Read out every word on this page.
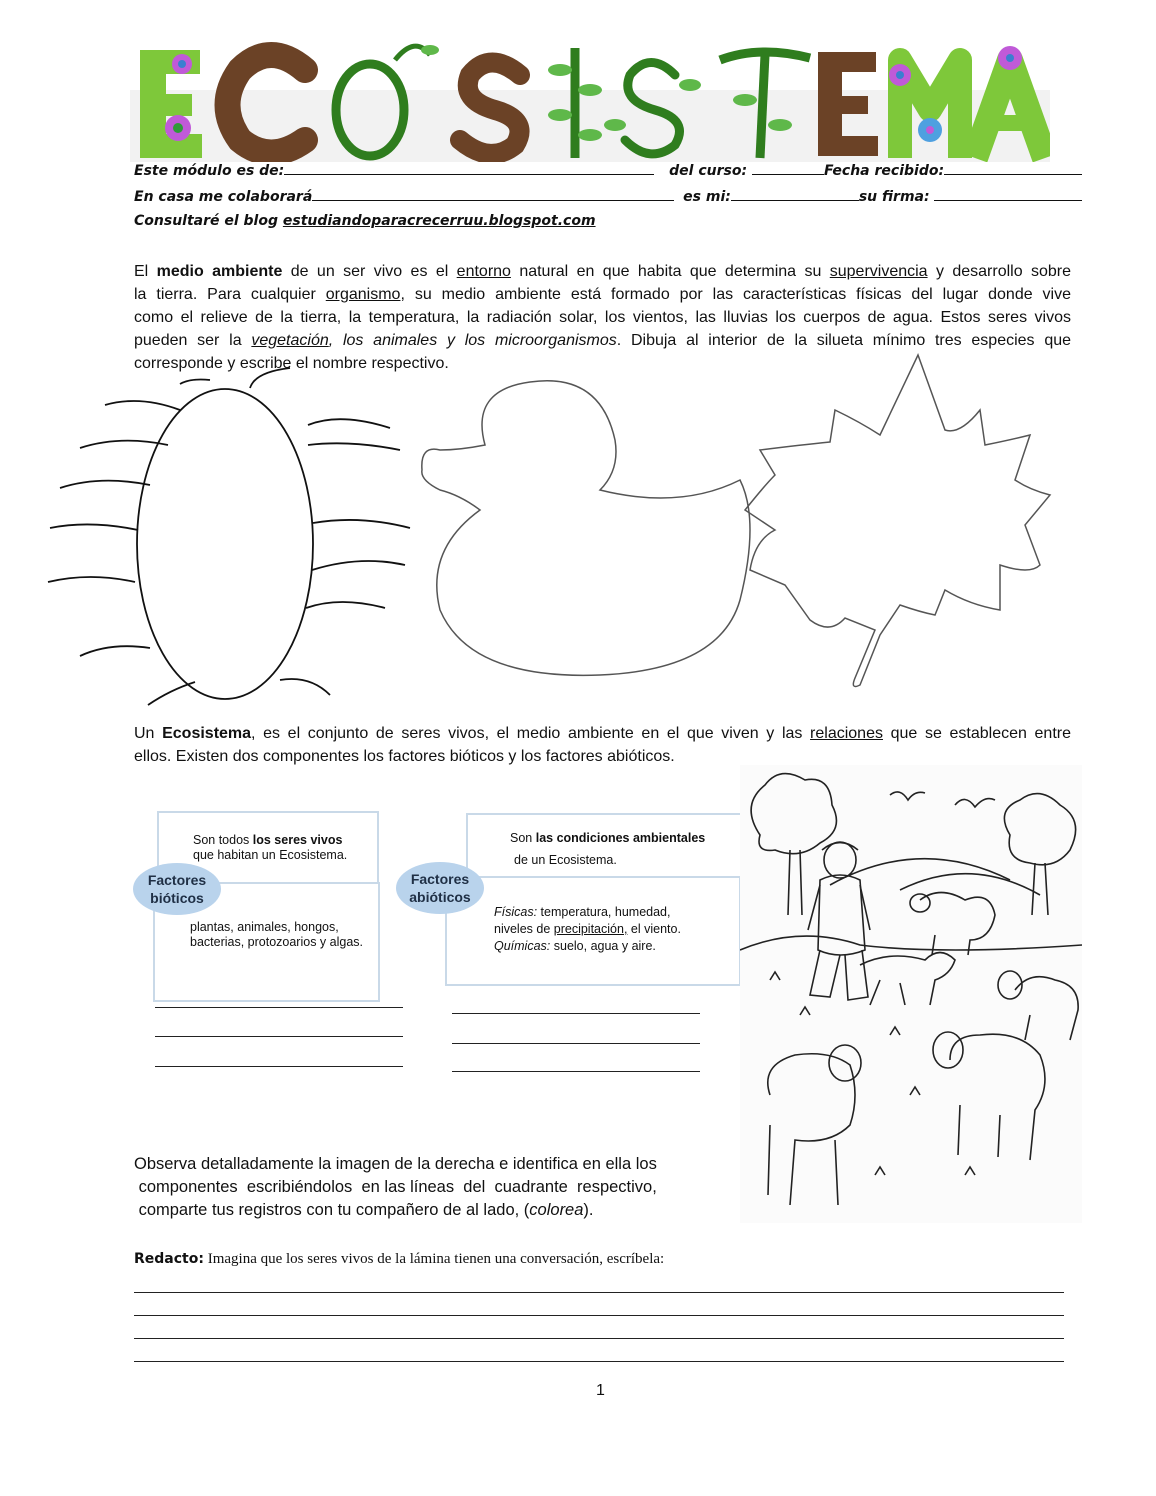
Este módulo es de:	del curso:	Fecha recibido:
En casa me colaborará	es mi:	su firma:
Consultaré el blog estudiandoparacrecerruu.blogspot.com
El medio ambiente de un ser vivo es el entorno natural en que habita que determina su supervivencia y desarrollo sobre
la tierra. Para cualquier organismo, su medio ambiente está formado por las características físicas del lugar donde vive
como el relieve de la tierra, la temperatura, la radiación solar, los vientos, las lluvias los cuerpos de agua. Estos seres vivos
pueden ser la vegetación, los animales y los microorganismos. Dibuja al interior de la silueta mínimo tres especies que
corresponde y escribe el nombre respectivo.
Un Ecosistema, es el conjunto de seres vivos, el medio ambiente en el que viven y las relaciones que se establecen entre
ellos. Existen dos componentes los factores bióticos y los factores abióticos.
Son todos los seres vivos
que habitan un Ecosistema.
plantas, animales, hongos, bacterias, protozoarios y algas.
Factores
bióticos
Son las condiciones ambientales
de un Ecosistema.
Físicas: temperatura, humedad,
niveles de precipitación, el viento.
Químicas: suelo, agua y aire.
Factores
abióticos
Observa detalladamente la imagen de la derecha e identifica en ella los
componentes  escribiéndolos  en las líneas  del  cuadrante  respectivo,
comparte tus registros con tu compañero de al lado, (colorea).
Redacto: Imagina que los seres vivos de la lámina tienen una conversación, escríbela:
1
